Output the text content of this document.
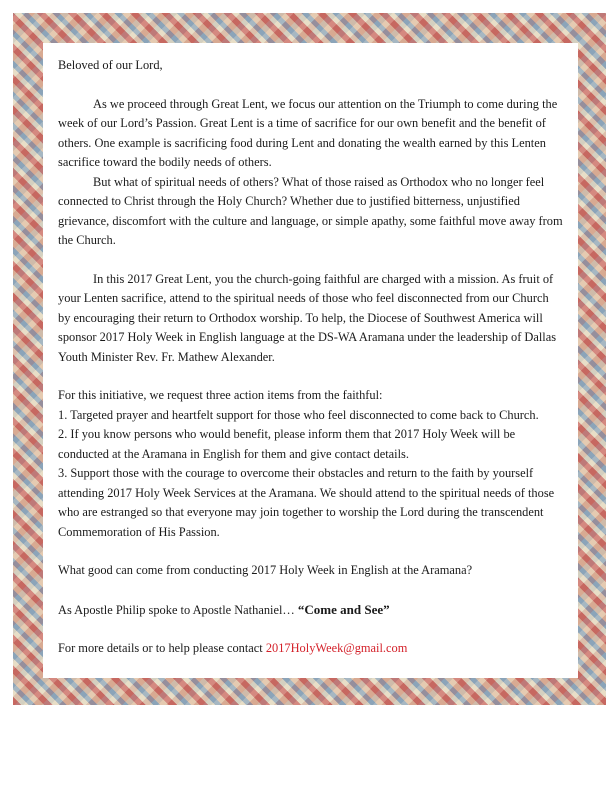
Beloved of our Lord,

As we proceed through Great Lent, we focus our attention on the Triumph to come during the week of our Lord’s Passion. Great Lent is a time of sacrifice for our own benefit and the benefit of others. One example is sacrificing food during Lent and donating the wealth earned by this Lenten sacrifice toward the bodily needs of others.

But what of spiritual needs of others? What of those raised as Orthodox who no longer feel connected to Christ through the Holy Church? Whether due to justified bitterness, unjustified grievance, discomfort with the culture and language, or simple apathy, some faithful move away from the Church.

In this 2017 Great Lent, you the church-going faithful are charged with a mission. As fruit of your Lenten sacrifice, attend to the spiritual needs of those who feel disconnected from our Church by encouraging their return to Orthodox worship. To help, the Diocese of Southwest America will sponsor 2017 Holy Week in English language at the DS-WA Aramana under the leadership of Dallas Youth Minister Rev. Fr. Mathew Alexander.

For this initiative, we request three action items from the faithful:

1. Targeted prayer and heartfelt support for those who feel disconnected to come back to Church.

2. If you know persons who would benefit, please inform them that 2017 Holy Week will be conducted at the Aramana in English for them and give contact details.

3. Support those with the courage to overcome their obstacles and return to the faith by yourself attending 2017 Holy Week Services at the Aramana. We should attend to the spiritual needs of those who are estranged so that everyone may join together to worship the Lord during the transcendent Commemoration of His Passion.

What good can come from conducting 2017 Holy Week in English at the Aramana?

As Apostle Philip spoke to Apostle Nathaniel… “Come and See”

For more details or to help please contact 2017HolyWeek@gmail.com
